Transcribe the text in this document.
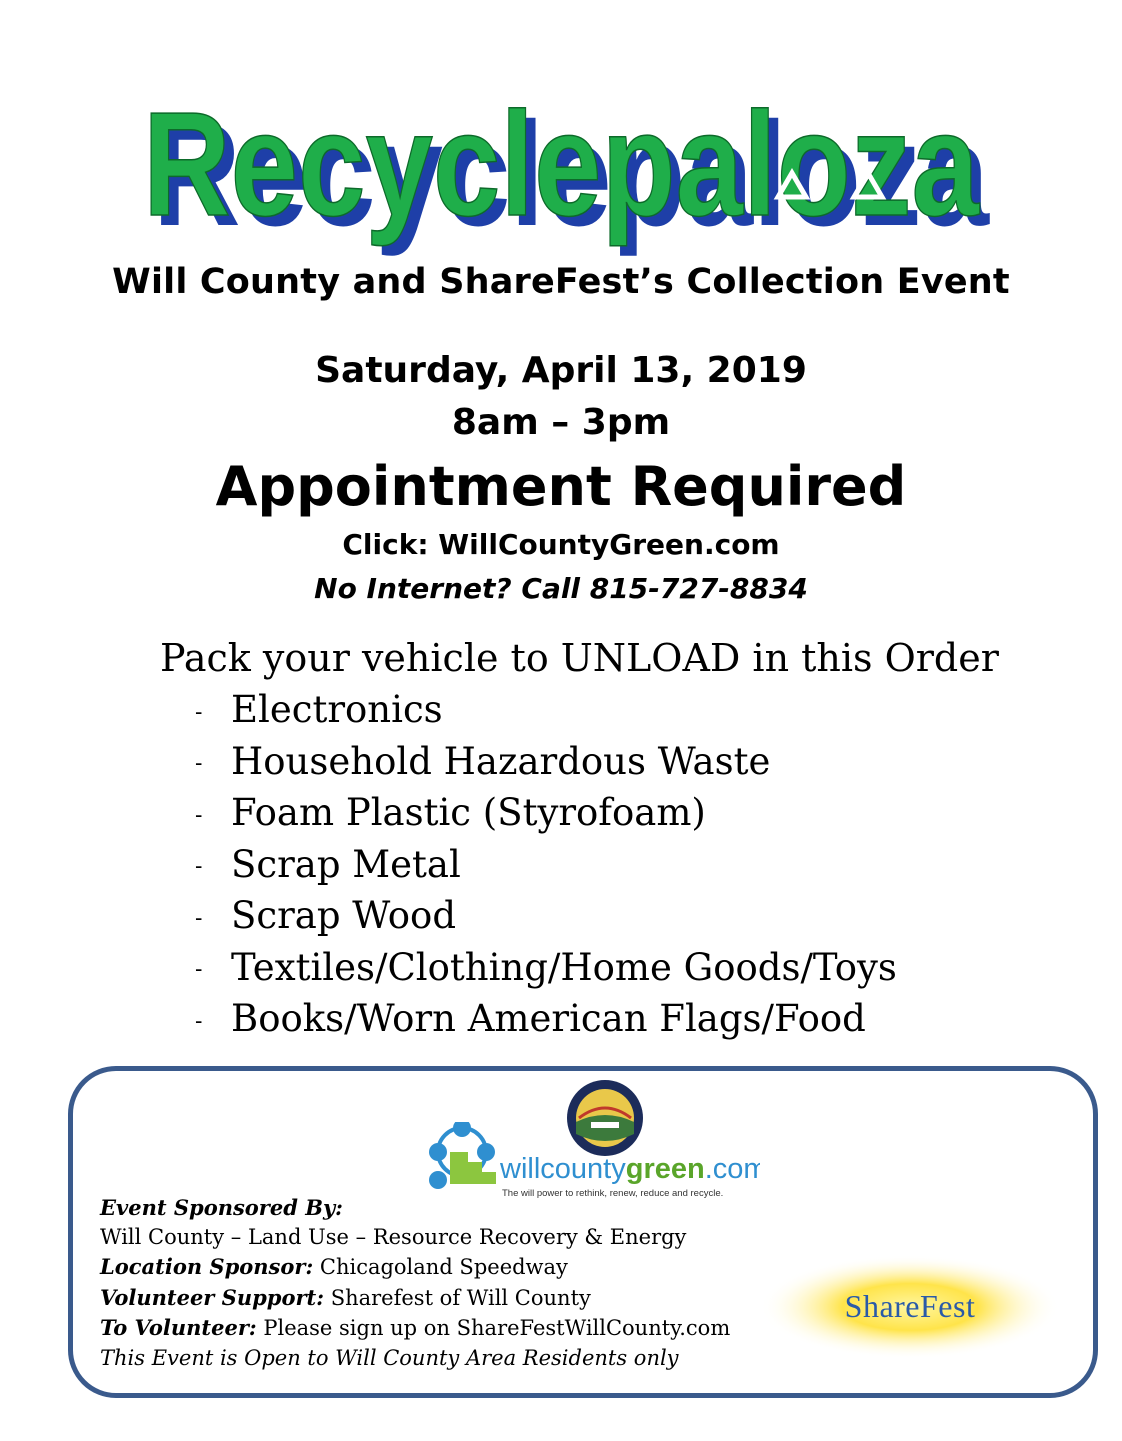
Recyclepaloza
Recyclepaloza
Will County and ShareFest’s Collection Event
Saturday, April 13, 2019
8am – 3pm
Appointment Required
Click: WillCountyGreen.com
No Internet? Call 815-727-8834
Pack your vehicle to UNLOAD in this Order
- Electronics
- Household Hazardous Waste
- Foam Plastic (Styrofoam)
- Scrap Metal
- Scrap Wood
- Textiles/Clothing/Home Goods/Toys
- Books/Worn American Flags/Food
willcountygreen.com
The will power to rethink, renew, reduce and recycle.
ShareFest
Event Sponsored By:
Will County – Land Use – Resource Recovery & Energy
Location Sponsor: Chicagoland Speedway
Volunteer Support: Sharefest of Will County
To Volunteer: Please sign up on ShareFestWillCounty.com
This Event is Open to Will County Area Residents only
